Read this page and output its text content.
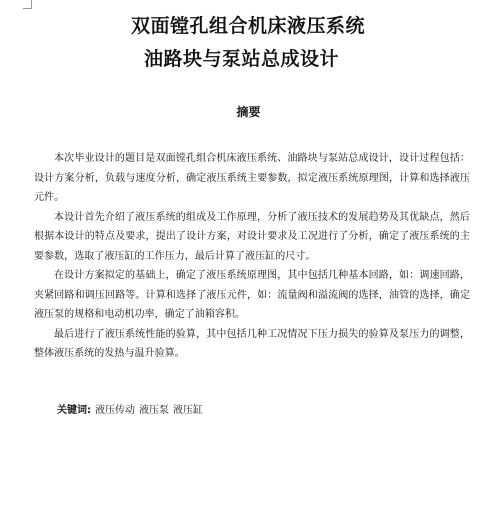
双面镗孔组合机床液压系统
油路块与泵站总成设计
摘要

本次毕业设计的题目是双面镗孔组合机床液压系统、油路块与泵站总成设计，设计过程包括：设计方案分析，负载与速度分析，确定液压系统主要参数，拟定液压系统原理图，计算和选择液压元件。

本设计首先介绍了液压系统的组成及工作原理，分析了液压技术的发展趋势及其优缺点，然后根据本设计的特点及要求，提出了设计方案，对设计要求及工况进行了分析，确定了液压系统的主要参数，选取了液压缸的工作压力，最后计算了液压缸的尺寸。

在设计方案拟定的基础上，确定了液压系统原理图，其中包括几种基本回路，如：调速回路，夹紧回路和调压回路等。计算和选择了液压元件，如：流量阀和溢流阀的选择，油管的选择，确定液压泵的规格和电动机功率，确定了油箱容积。

最后进行了液压系统性能的验算，其中包括几种工况情况下压力损失的验算及泵压力的调整，整体液压系统的发热与温升验算。

关键词: 液压传动 液压泵 液压缸
